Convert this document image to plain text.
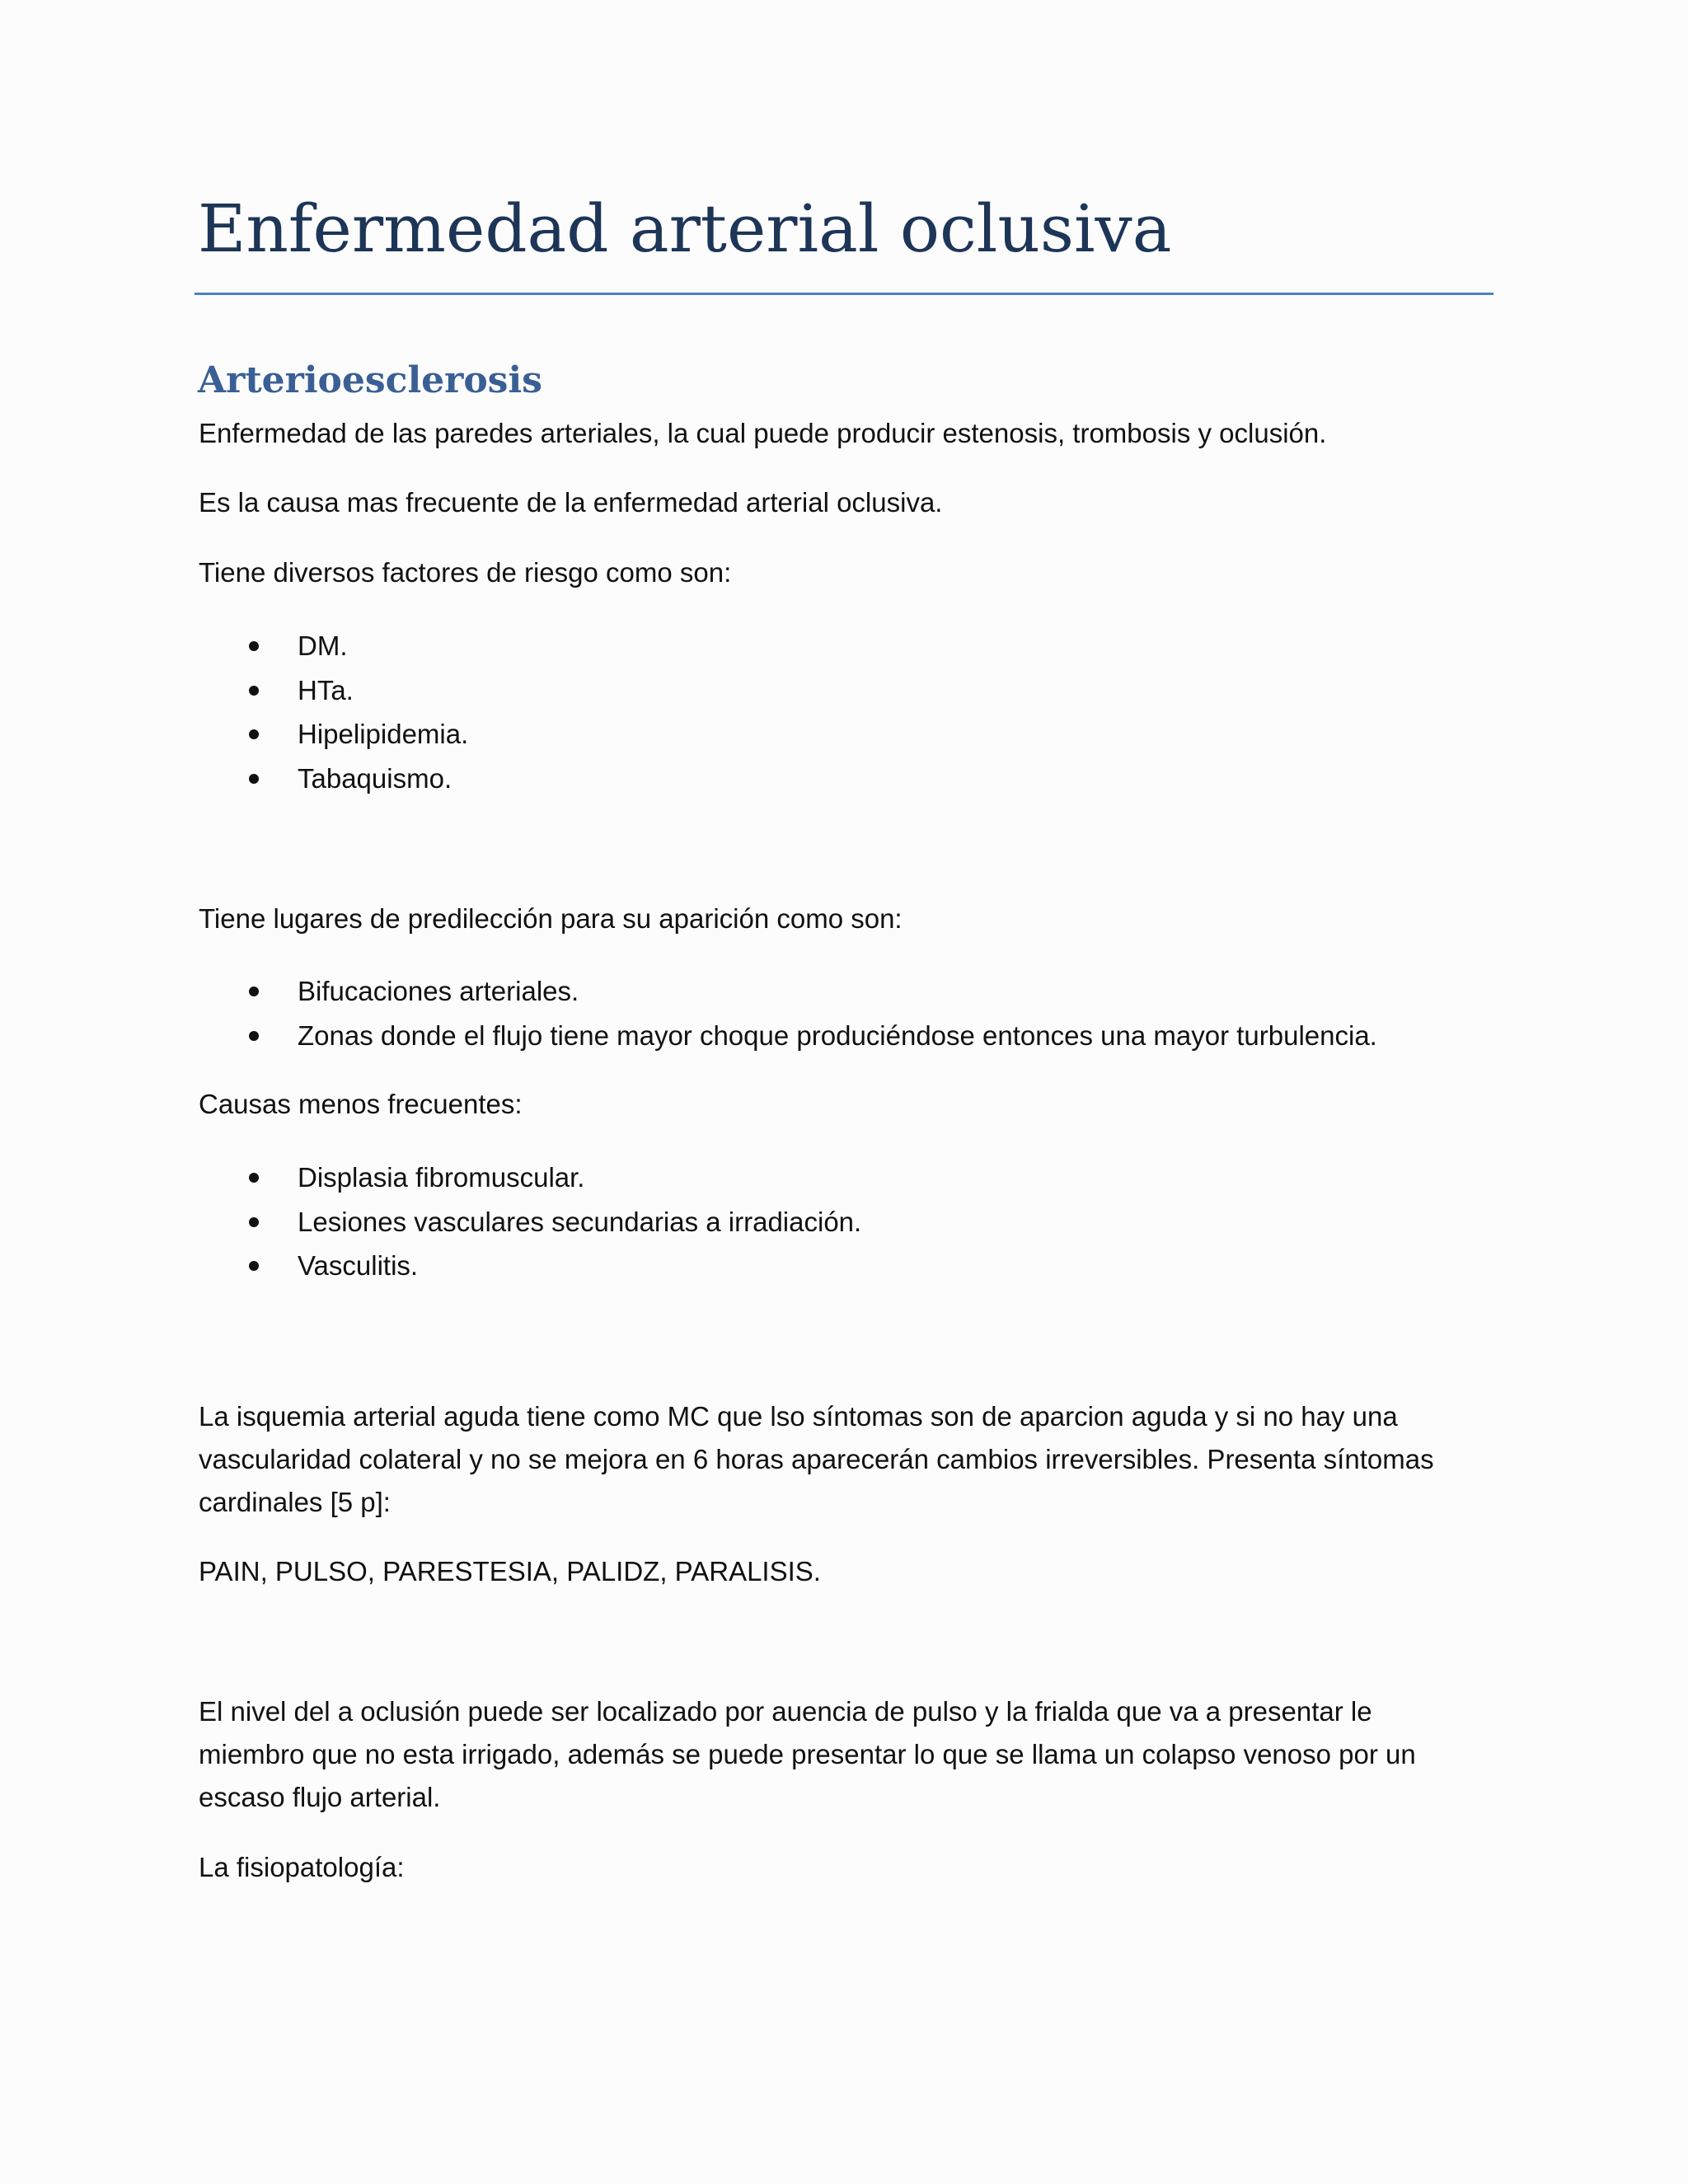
Enfermedad arterial oclusiva
Arterioesclerosis

Enfermedad de las paredes arteriales, la cual puede producir estenosis, trombosis y oclusión.

Es la causa mas frecuente de la enfermedad arterial oclusiva.

Tiene diversos factores de riesgo como son:

DM.
HTa.
Hipelipidemia.
Tabaquismo.

Tiene lugares de predilección para su aparición como son:

Bifucaciones arteriales.
Zonas donde el flujo tiene mayor choque produciéndose entonces una mayor turbulencia.

Causas menos frecuentes:

Displasia fibromuscular.
Lesiones vasculares secundarias a irradiación.
Vasculitis.

La isquemia arterial aguda tiene como MC que lso síntomas son de aparcion aguda y si no hay una

vascularidad colateral y no se mejora en 6 horas aparecerán cambios irreversibles. Presenta síntomas

cardinales [5 p]:

PAIN, PULSO, PARESTESIA, PALIDZ, PARALISIS.

El nivel del a oclusión puede ser localizado por auencia de pulso y la frialda que va a presentar le

miembro que no esta irrigado, además se puede presentar lo que se llama un colapso venoso por un

escaso flujo arterial.

La fisiopatología:
